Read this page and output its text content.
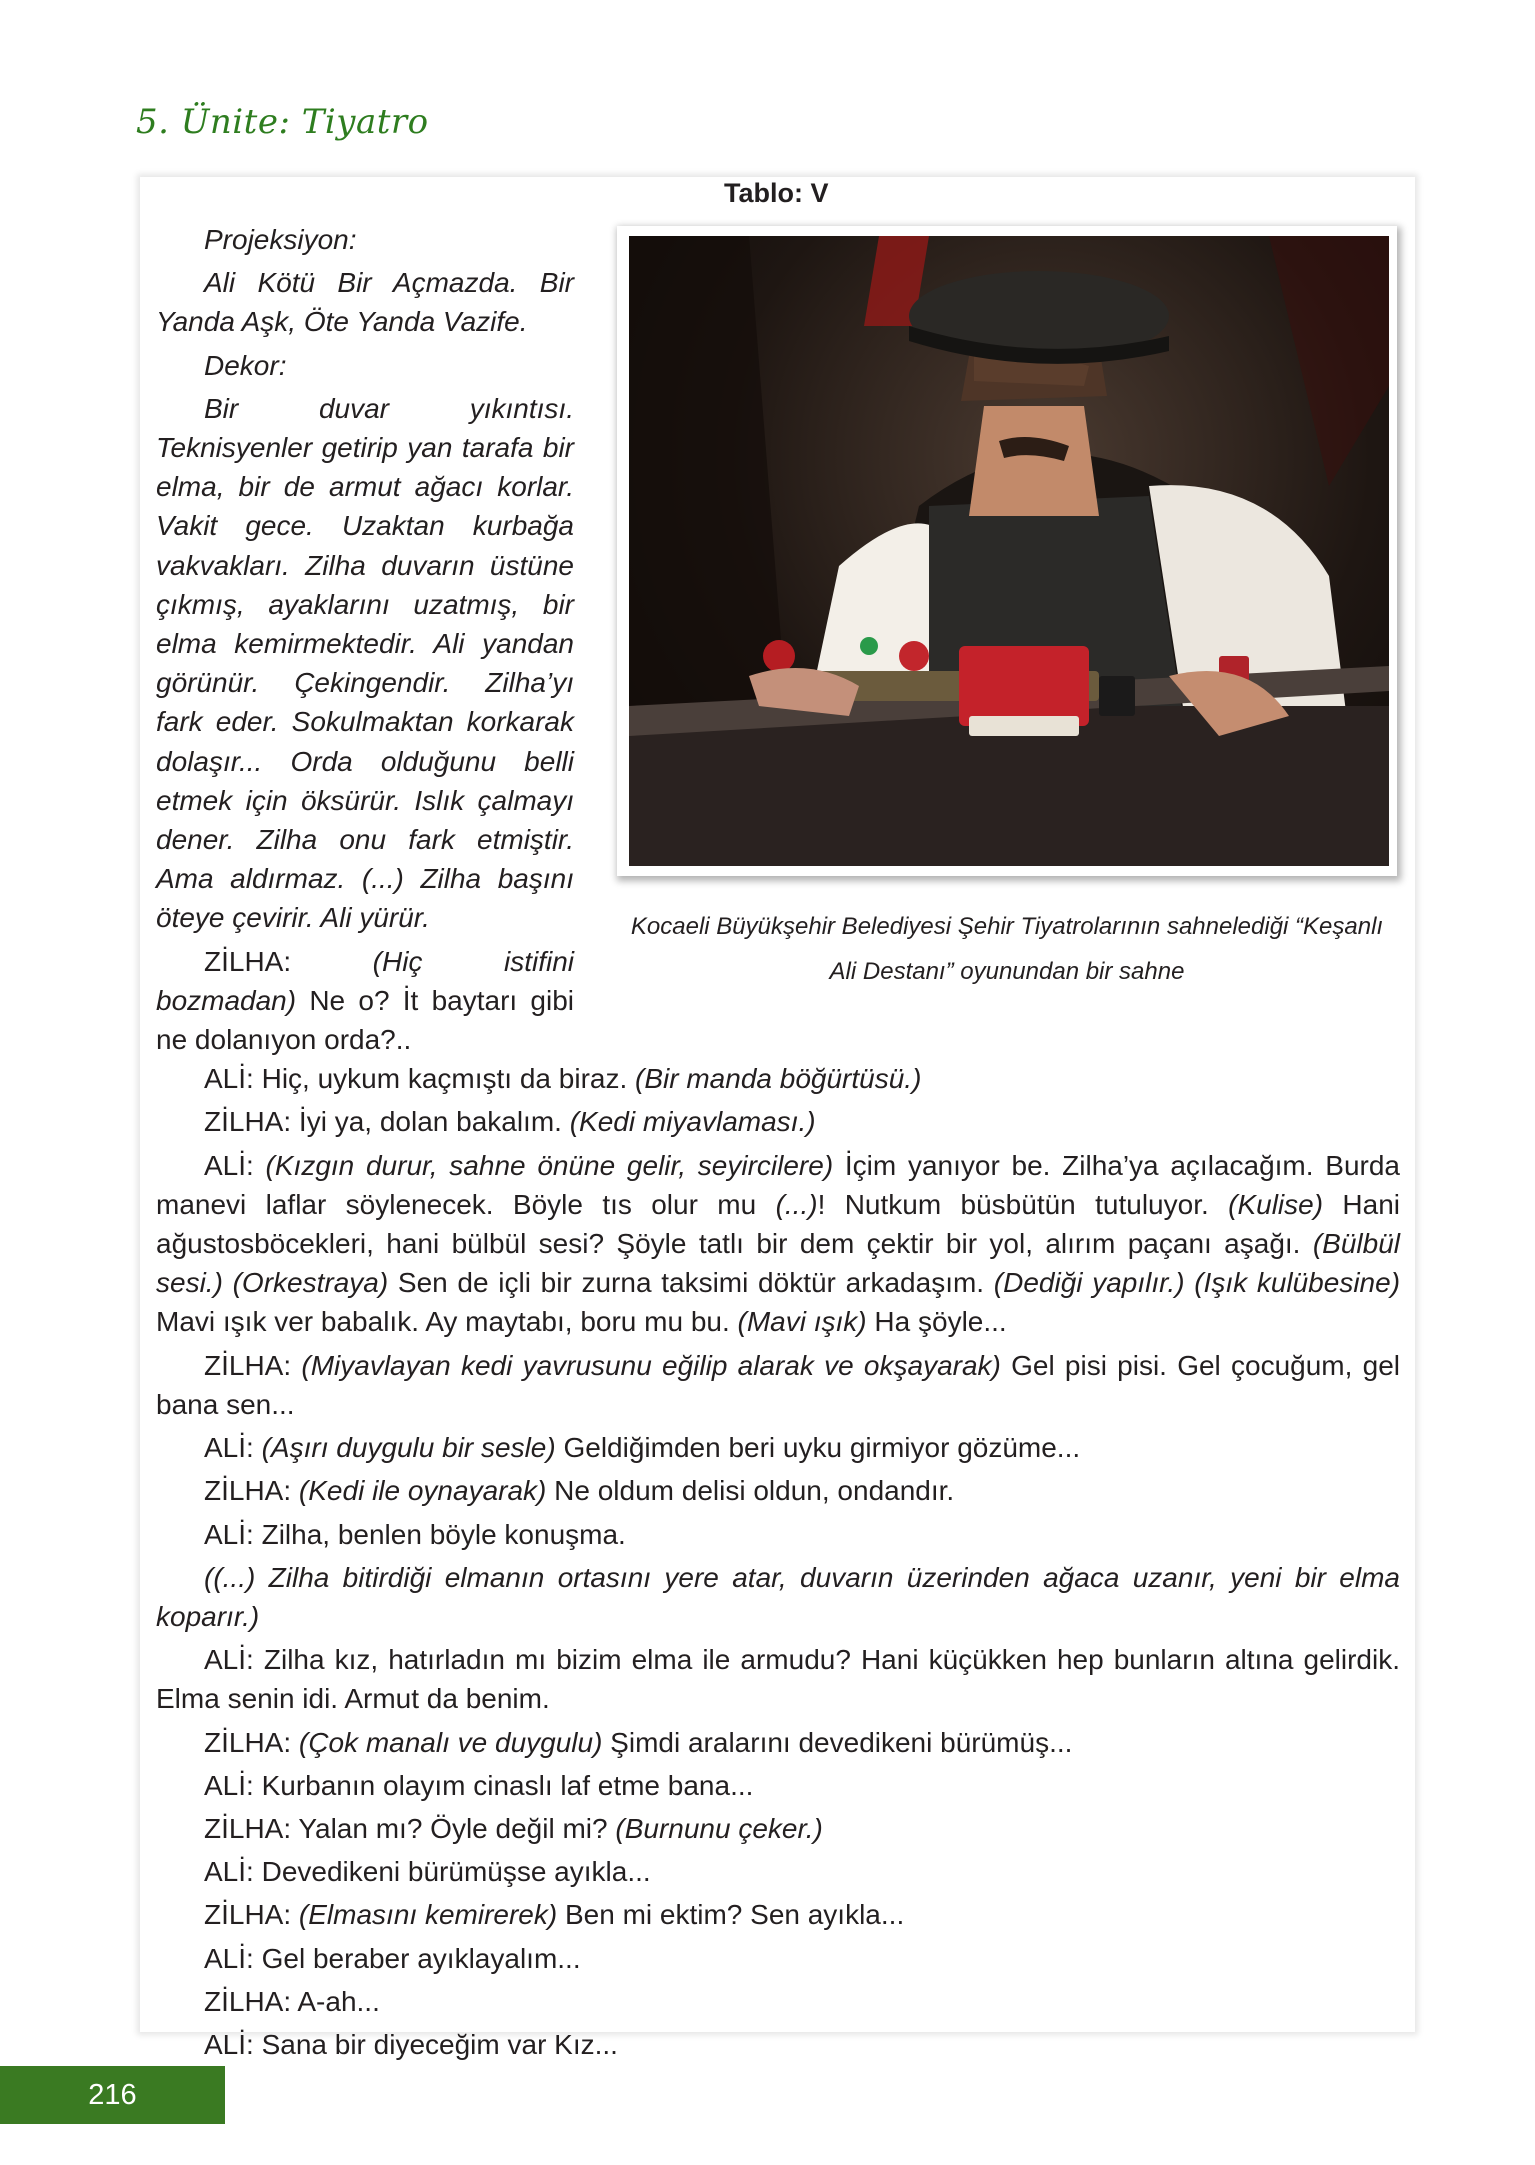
5. Ünite: Tiyatro
Tablo: V

Kocaeli Büyükşehir Belediyesi Şehir Tiyatrolarının sahnelediği “Keşanlı

Ali Destanı” oyunundan bir sahne

Projeksiyon:

Ali Kötü Bir Açmazda. Bir Yanda Aşk, Öte Yanda Vazife.

Dekor:

Bir duvar yıkıntısı. Teknisyenler getirip yan tarafa bir elma, bir de armut ağacı korlar. Vakit gece. Uzaktan kurbağa vakvakları. Zilha duvarın üstüne çıkmış, ayaklarını uzatmış, bir elma kemirmektedir. Ali yandan görünür. Çekingendir. Zilha’yı fark eder. Sokulmaktan korkarak dolaşır... Orda olduğunu belli etmek için öksürür. Islık çalmayı dener. Zilha onu fark etmiştir. Ama aldırmaz. (...) Zilha başını öteye çevirir. Ali yürür.

ZİLHA: (Hiç istifini bozmadan) Ne o? İt baytarı gibi ne dolanıyon orda?..

ALİ: Hiç, uykum kaçmıştı da biraz. (Bir manda böğürtüsü.)

ZİLHA: İyi ya, dolan bakalım. (Kedi miyavlaması.)

ALİ: (Kızgın durur, sahne önüne gelir, seyircilere) İçim yanıyor be. Zilha’ya açılacağım. Burda manevi laflar söylenecek. Böyle tıs olur mu (...)! Nutkum büsbütün tutuluyor. (Kulise) Hani ağustosböcekleri, hani bülbül sesi? Şöyle tatlı bir dem çektir bir yol, alırım paçanı aşağı. (Bülbül sesi.) (Orkestraya) Sen de içli bir zurna taksimi döktür arkadaşım. (Dediği yapılır.) (Işık kulübesine) Mavi ışık ver babalık. Ay maytabı, boru mu bu. (Mavi ışık) Ha şöyle...

ZİLHA: (Miyavlayan kedi yavrusunu eğilip alarak ve okşayarak) Gel pisi pisi. Gel çocuğum, gel bana sen...

ALİ: (Aşırı duygulu bir sesle) Geldiğimden beri uyku girmiyor gözüme...

ZİLHA: (Kedi ile oynayarak) Ne oldum delisi oldun, ondandır.

ALİ: Zilha, benlen böyle konuşma.

((...) Zilha bitirdiği elmanın ortasını yere atar, duvarın üzerinden ağaca uzanır, yeni bir elma koparır.)

ALİ: Zilha kız, hatırladın mı bizim elma ile armudu? Hani küçükken hep bunların altına gelirdik. Elma senin idi. Armut da benim.

ZİLHA: (Çok manalı ve duygulu) Şimdi aralarını devedikeni bürümüş...

ALİ: Kurbanın olayım cinaslı laf etme bana...

ZİLHA: Yalan mı? Öyle değil mi? (Burnunu çeker.)

ALİ: Devedikeni bürümüşse ayıkla...

ZİLHA: (Elmasını kemirerek) Ben mi ektim? Sen ayıkla...

ALİ: Gel beraber ayıklayalım...

ZİLHA: A-ah...

ALİ: Sana bir diyeceğim var Kız...

216
